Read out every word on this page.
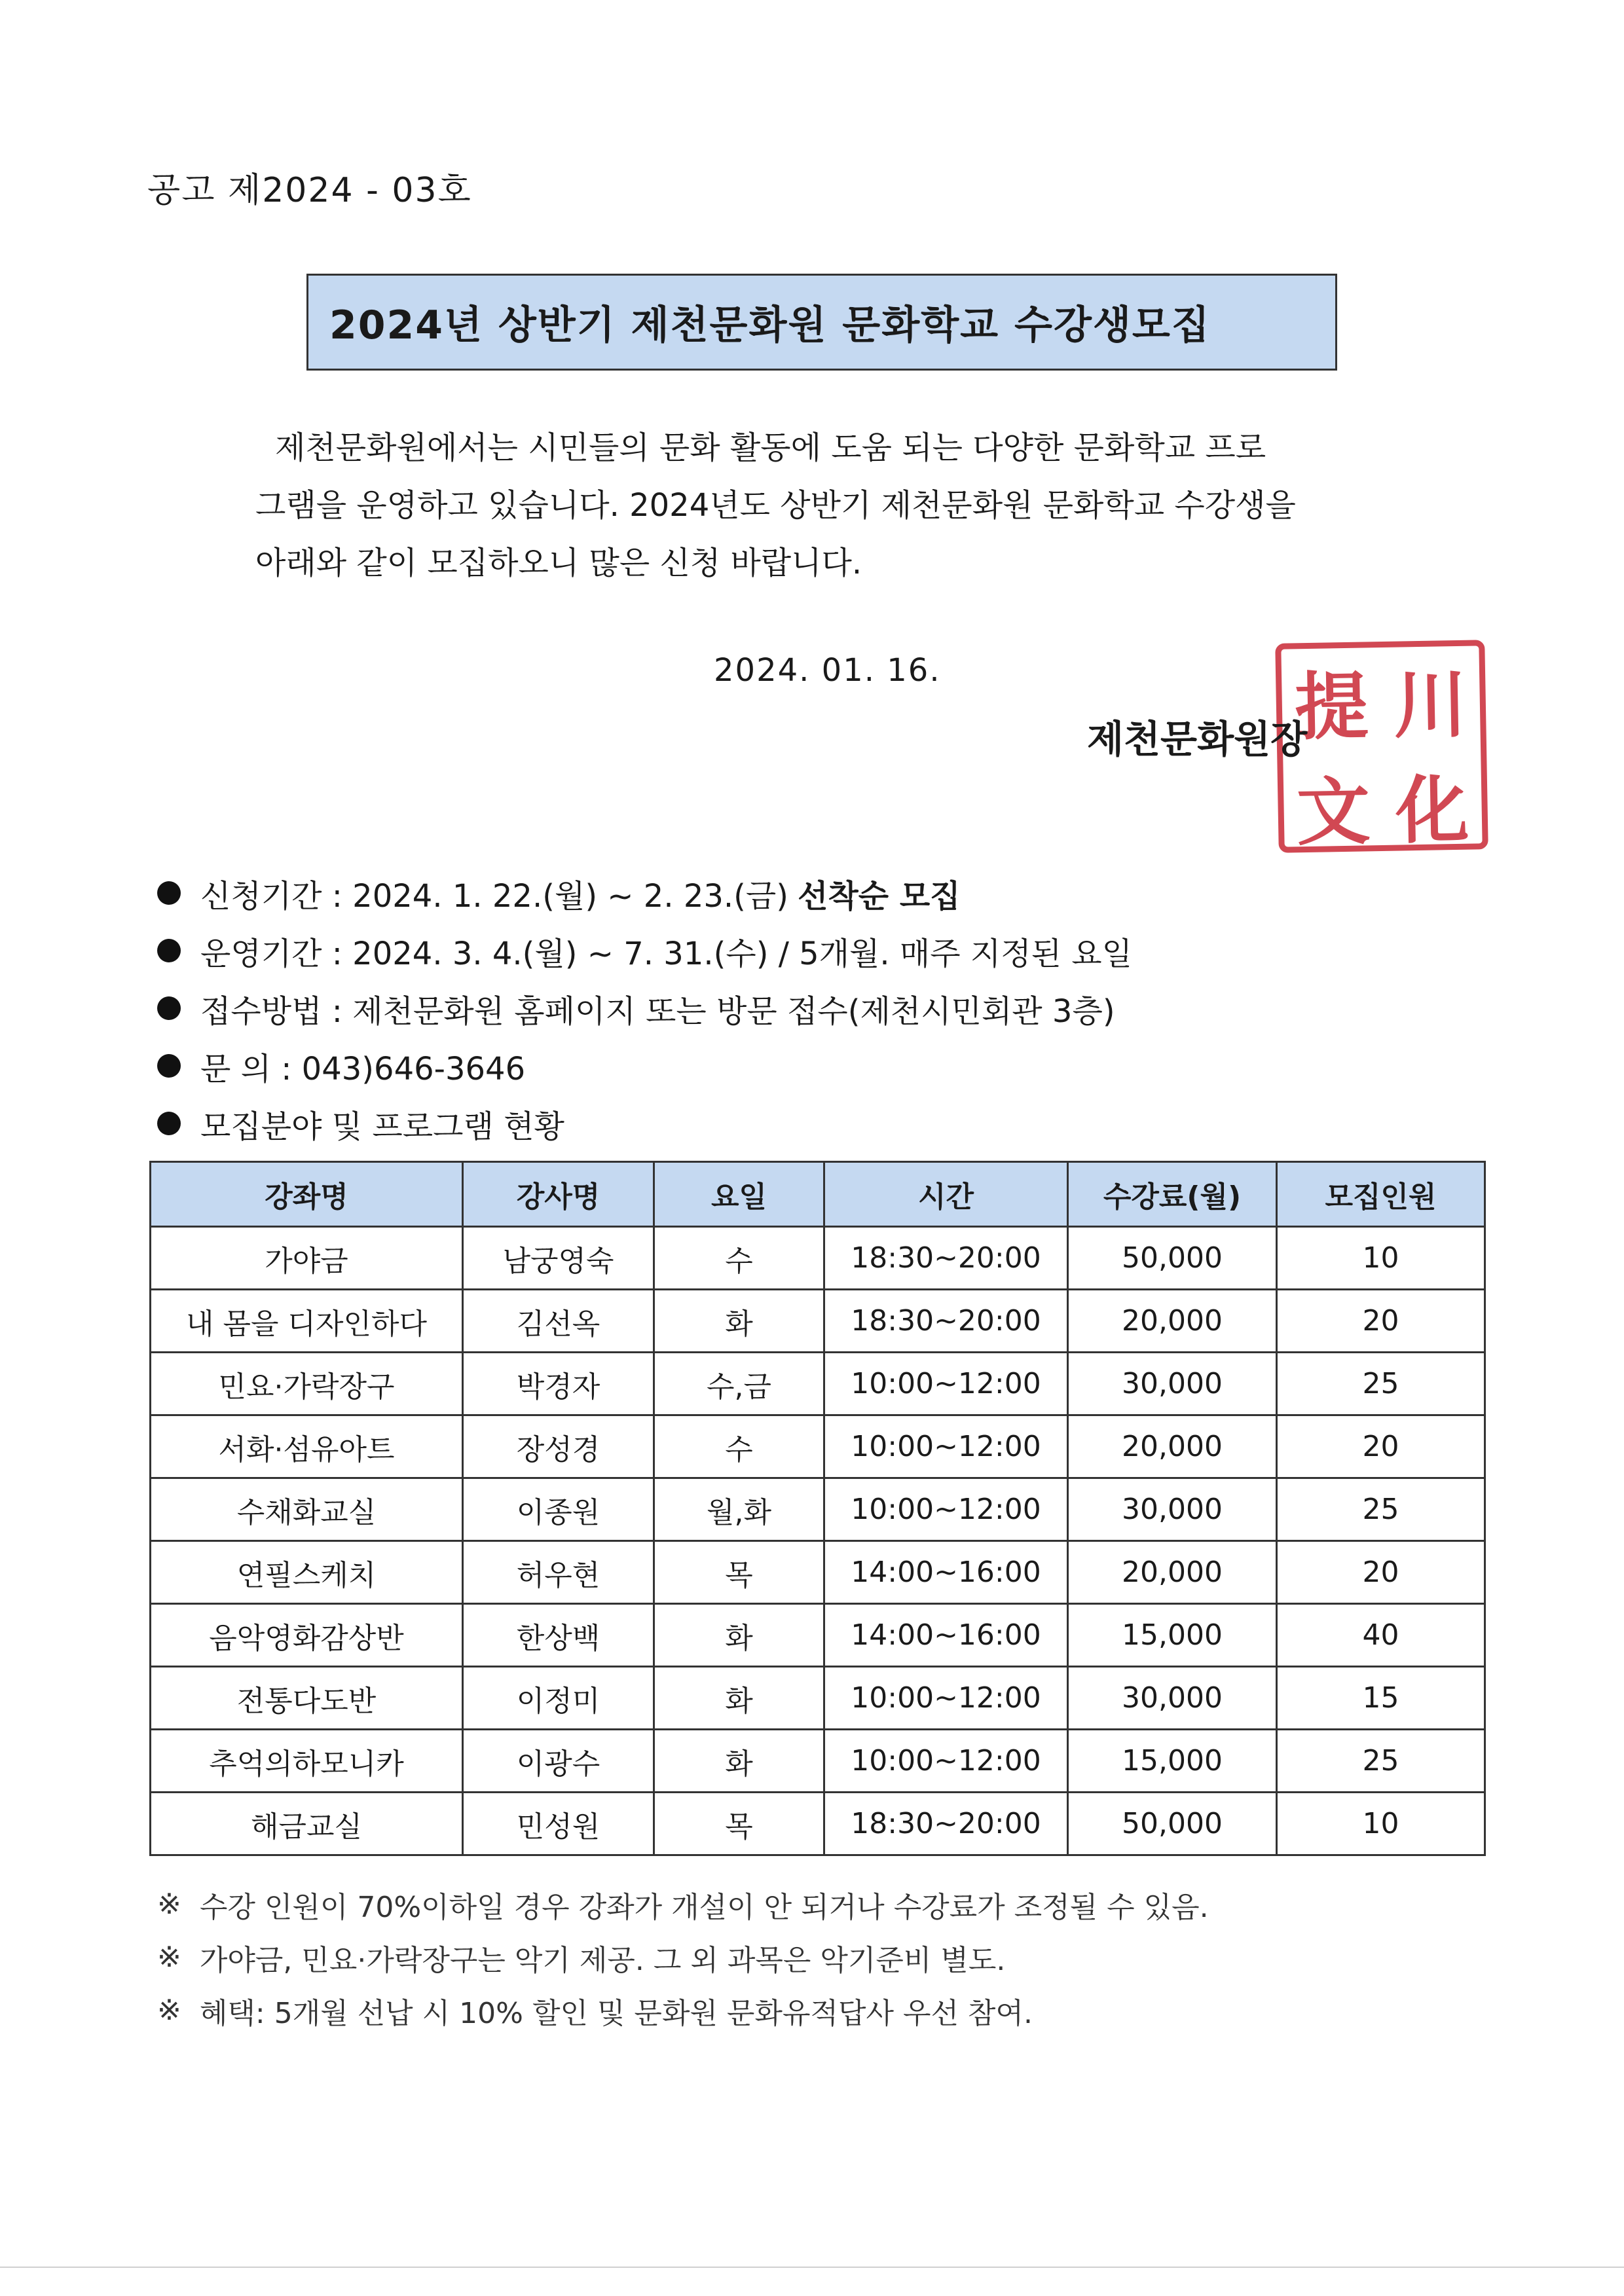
공고 제2024 - 03호
2024년 상반기 제천문화원 문화학교 수강생모집

제천문화원에서는 시민들의 문화 활동에 도움 되는 다양한 문화학교 프로

그램을 운영하고 있습니다. 2024년도 상반기 제천문화원 문화학교 수강생을

아래와 같이 모집하오니 많은 신청 바랍니다.

2024. 01. 16.	提 川
文 化
제천문화원장
신청기간 : 2024. 1. 22.(월) ~ 2. 23.(금) 선착순 모집
운영기간 : 2024. 3. 4.(월) ~ 7. 31.(수) / 5개월. 매주 지정된 요일
접수방법 : 제천문화원 홈페이지 또는 방문 접수(제천시민회관 3층)
문 의 : 043)646-3646
모집분야 및 프로그램 현황
강좌명	강사명	요일	시간	수강료(월)	모집인원
가야금	남궁영숙	수	18:30~20:00	50,000	10
내 몸을 디자인하다	김선옥	화	18:30~20:00	20,000	20
민요·가락장구	박경자	수,금	10:00~12:00	30,000	25
서화·섬유아트	장성경	수	10:00~12:00	20,000	20
수채화교실	이종원	월,화	10:00~12:00	30,000	25
연필스케치	허우현	목	14:00~16:00	20,000	20
음악영화감상반	한상백	화	14:00~16:00	15,000	40
전통다도반	이정미	화	10:00~12:00	30,000	15
추억의하모니카	이광수	화	10:00~12:00	15,000	25
해금교실	민성원	목	18:30~20:00	50,000	10
※ 수강 인원이 70%이하일 경우 강좌가 개설이 안 되거나 수강료가 조정될 수 있음.
※ 가야금, 민요·가락장구는 악기 제공. 그 외 과목은 악기준비 별도.
※ 혜택: 5개월 선납 시 10% 할인 및 문화원 문화유적답사 우선 참여.
